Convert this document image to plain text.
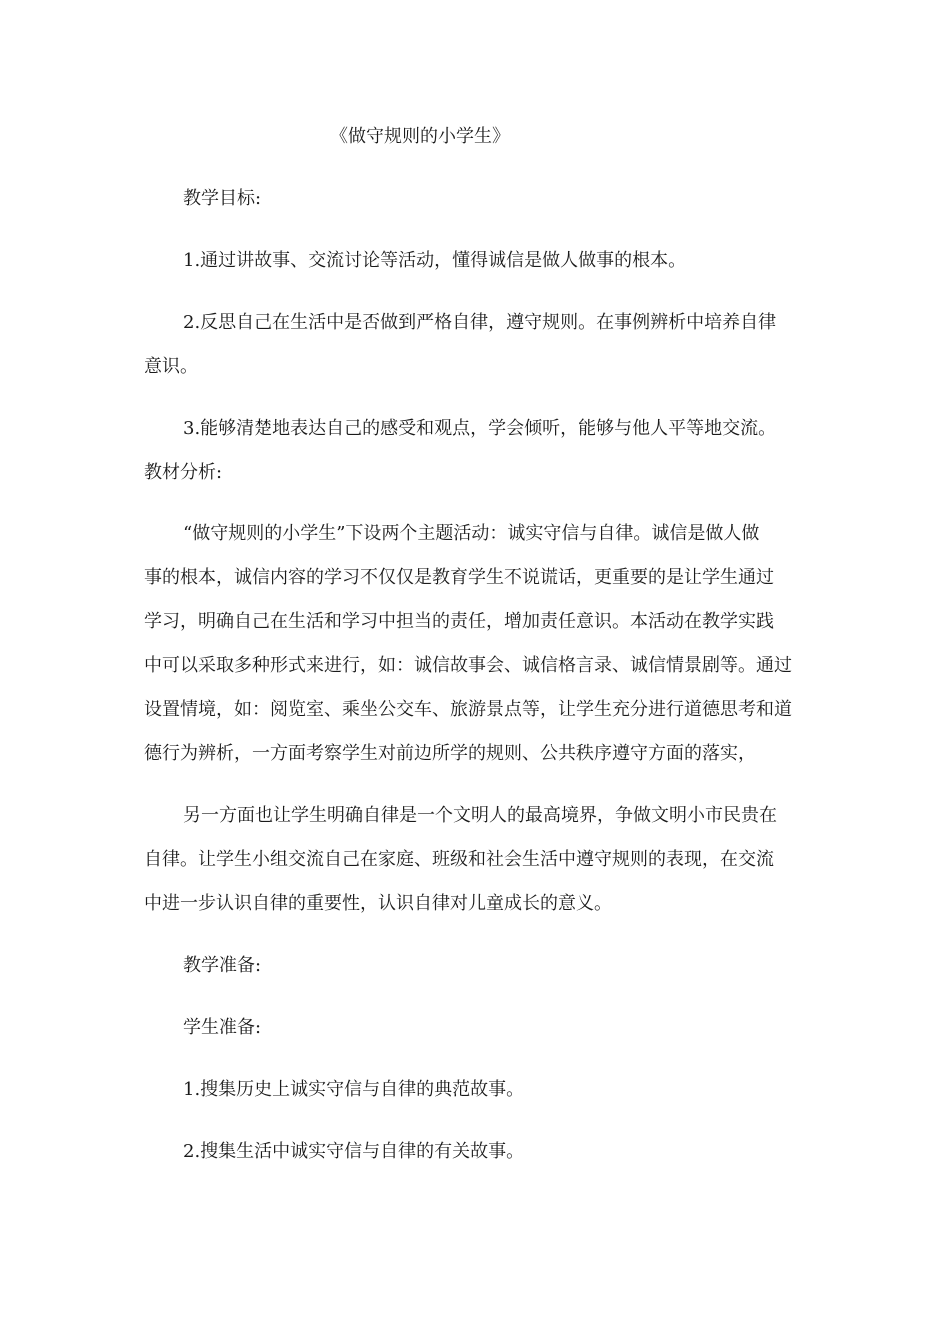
《做守规则的小学生》
教学目标:
1.通过讲故事、交流讨论等活动，懂得诚信是做人做事的根本。
2.反思自己在生活中是否做到严格自律，遵守规则。在事例辨析中培养自律
意识。
3.能够清楚地表达自己的感受和观点，学会倾听，能够与他人平等地交流。
教材分析:
“做守规则的小学生”下设两个主题活动：诚实守信与自律。诚信是做人做
事的根本，诚信内容的学习不仅仅是教育学生不说谎话，更重要的是让学生通过
学习，明确自己在生活和学习中担当的责任，增加责任意识。本活动在教学实践
中可以采取多种形式来进行，如：诚信故事会、诚信格言录、诚信情景剧等。通过
设置情境，如：阅览室、乘坐公交车、旅游景点等，让学生充分进行道德思考和道
德行为辨析，一方面考察学生对前边所学的规则、公共秩序遵守方面的落实，
另一方面也让学生明确自律是一个文明人的最高境界，争做文明小市民贵在
自律。让学生小组交流自己在家庭、班级和社会生活中遵守规则的表现，在交流
中进一步认识自律的重要性，认识自律对儿童成长的意义。
教学准备:
学生准备:
1.搜集历史上诚实守信与自律的典范故事。
2.搜集生活中诚实守信与自律的有关故事。
